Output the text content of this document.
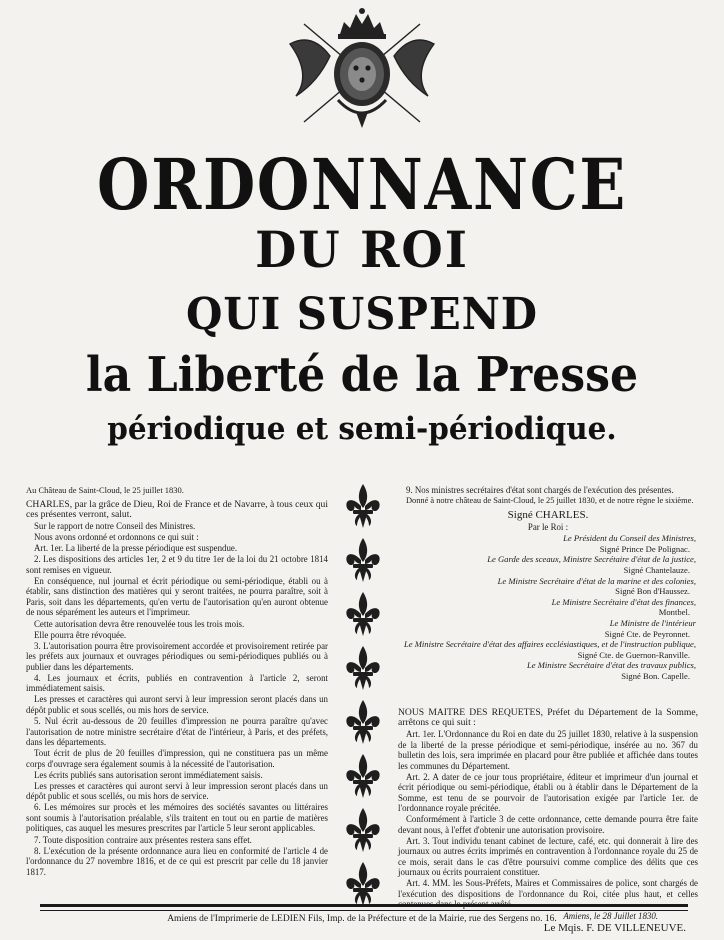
ORDONNANCE
DU ROI
QUI SUSPEND
la Liberté de la Presse
périodique et semi-périodique.

Au Château de Saint-Cloud, le 25 juillet 1830.

CHARLES, par la grâce de Dieu, Roi de France et de Navarre, à tous ceux qui ces présentes verront, salut.

Sur le rapport de notre Conseil des Ministres.

Nous avons ordonné et ordonnons ce qui suit :

Art. 1er. La liberté de la presse périodique est suspendue.

2. Les dispositions des articles 1er, 2 et 9 du titre 1er de la loi du 21 octobre 1814 sont remises en vigueur.

En conséquence, nul journal et écrit périodique ou semi-périodique, établi ou à établir, sans distinction des matières qui y seront traitées, ne pourra paraître, soit à Paris, soit dans les départements, qu'en vertu de l'autorisation qu'en auront obtenue de nous séparément les auteurs et l'imprimeur.

Cette autorisation devra être renouvelée tous les trois mois.

Elle pourra être révoquée.

3. L'autorisation pourra être provisoirement accordée et provisoirement retirée par les préfets aux journaux et ouvrages périodiques ou semi-périodiques publiés ou à publier dans les départements.

4. Les journaux et écrits, publiés en contravention à l'article 2, seront immédiatement saisis.

Les presses et caractères qui auront servi à leur impression seront placés dans un dépôt public et sous scellés, ou mis hors de service.

5. Nul écrit au-dessous de 20 feuilles d'impression ne pourra paraître qu'avec l'autorisation de notre ministre secrétaire d'état de l'intérieur, à Paris, et des préfets, dans les départements.

Tout écrit de plus de 20 feuilles d'impression, qui ne constituera pas un même corps d'ouvrage sera également soumis à la nécessité de l'autorisation.

Les écrits publiés sans autorisation seront immédiatement saisis.

Les presses et caractères qui auront servi à leur impression seront placés dans un dépôt public et sous scellés, ou mis hors de service.

6. Les mémoires sur procès et les mémoires des sociétés savantes ou littéraires sont soumis à l'autorisation préalable, s'ils traitent en tout ou en partie de matières politiques, cas auquel les mesures prescrites par l'article 5 leur seront applicables.

7. Toute disposition contraire aux présentes restera sans effet.

8. L'exécution de la présente ordonnance aura lieu en conformité de l'article 4 de l'ordonnance du 27 novembre 1816, et de ce qui est prescrit par celle du 18 janvier 1817.

9. Nos ministres secrétaires d'état sont chargés de l'exécution des présentes.

Donné à notre château de Saint-Cloud, le 25 juillet 1830, et de notre règne le sixième.

Signé CHARLES.

Par le Roi :

Le Président du Conseil des Ministres,

Signé Prince De Polignac.

Le Garde des sceaux, Ministre Secrétaire d'état de la justice,

Signé Chantelauze.

Le Ministre Secrétaire d'état de la marine et des colonies,

Signé Bon d'Haussez.

Le Ministre Secrétaire d'état des finances,

Montbel.

Le Ministre de l'intérieur

Signé Cte. de Peyronnet.

Le Ministre Secrétaire d'état des affaires ecclésiastiques, et de l'instruction publique,

Signé Cte. de Guernon-Ranville.

Le Ministre Secrétaire d'état des travaux publics,

Signé Bon. Capelle.

NOUS MAITRE DES REQUETES, Préfet du Département de la Somme, arrêtons ce qui suit :

Art. 1er. L'Ordonnance du Roi en date du 25 juillet 1830, relative à la suspension de la liberté de la presse périodique et semi-périodique, insérée au no. 367 du bulletin des lois, sera imprimée en placard pour être publiée et affichée dans toutes les communes du Département.

Art. 2. A dater de ce jour tous propriétaire, éditeur et imprimeur d'un journal et écrit périodique ou semi-périodique, établi ou à établir dans le Département de la Somme, est tenu de se pourvoir de l'autorisation exigée par l'article 1er. de l'ordonnance royale précitée.

Conformément à l'article 3 de cette ordonnance, cette demande pourra être faite devant nous, à l'effet d'obtenir une autorisation provisoire.

Art. 3. Tout individu tenant cabinet de lecture, café, etc. qui donnerait à lire des journaux ou autres écrits imprimés en contravention à l'ordonnance royale du 25 de ce mois, serait dans le cas d'être poursuivi comme complice des délits que ces journaux ou écrits pourraient constituer.

Art. 4. MM. les Sous-Préfets, Maires et Commissaires de police, sont chargés de l'exécution des dispositions de l'ordonnance du Roi, citée plus haut, et celles

Amiens, le 28 Juillet 1830.

Le Mqis. F. DE VILLENEUVE.

Amiens de l'Imprimerie de LEDIEN Fils, Imp. de la Préfecture et de la Mairie, rue des Sergens no. 16.
